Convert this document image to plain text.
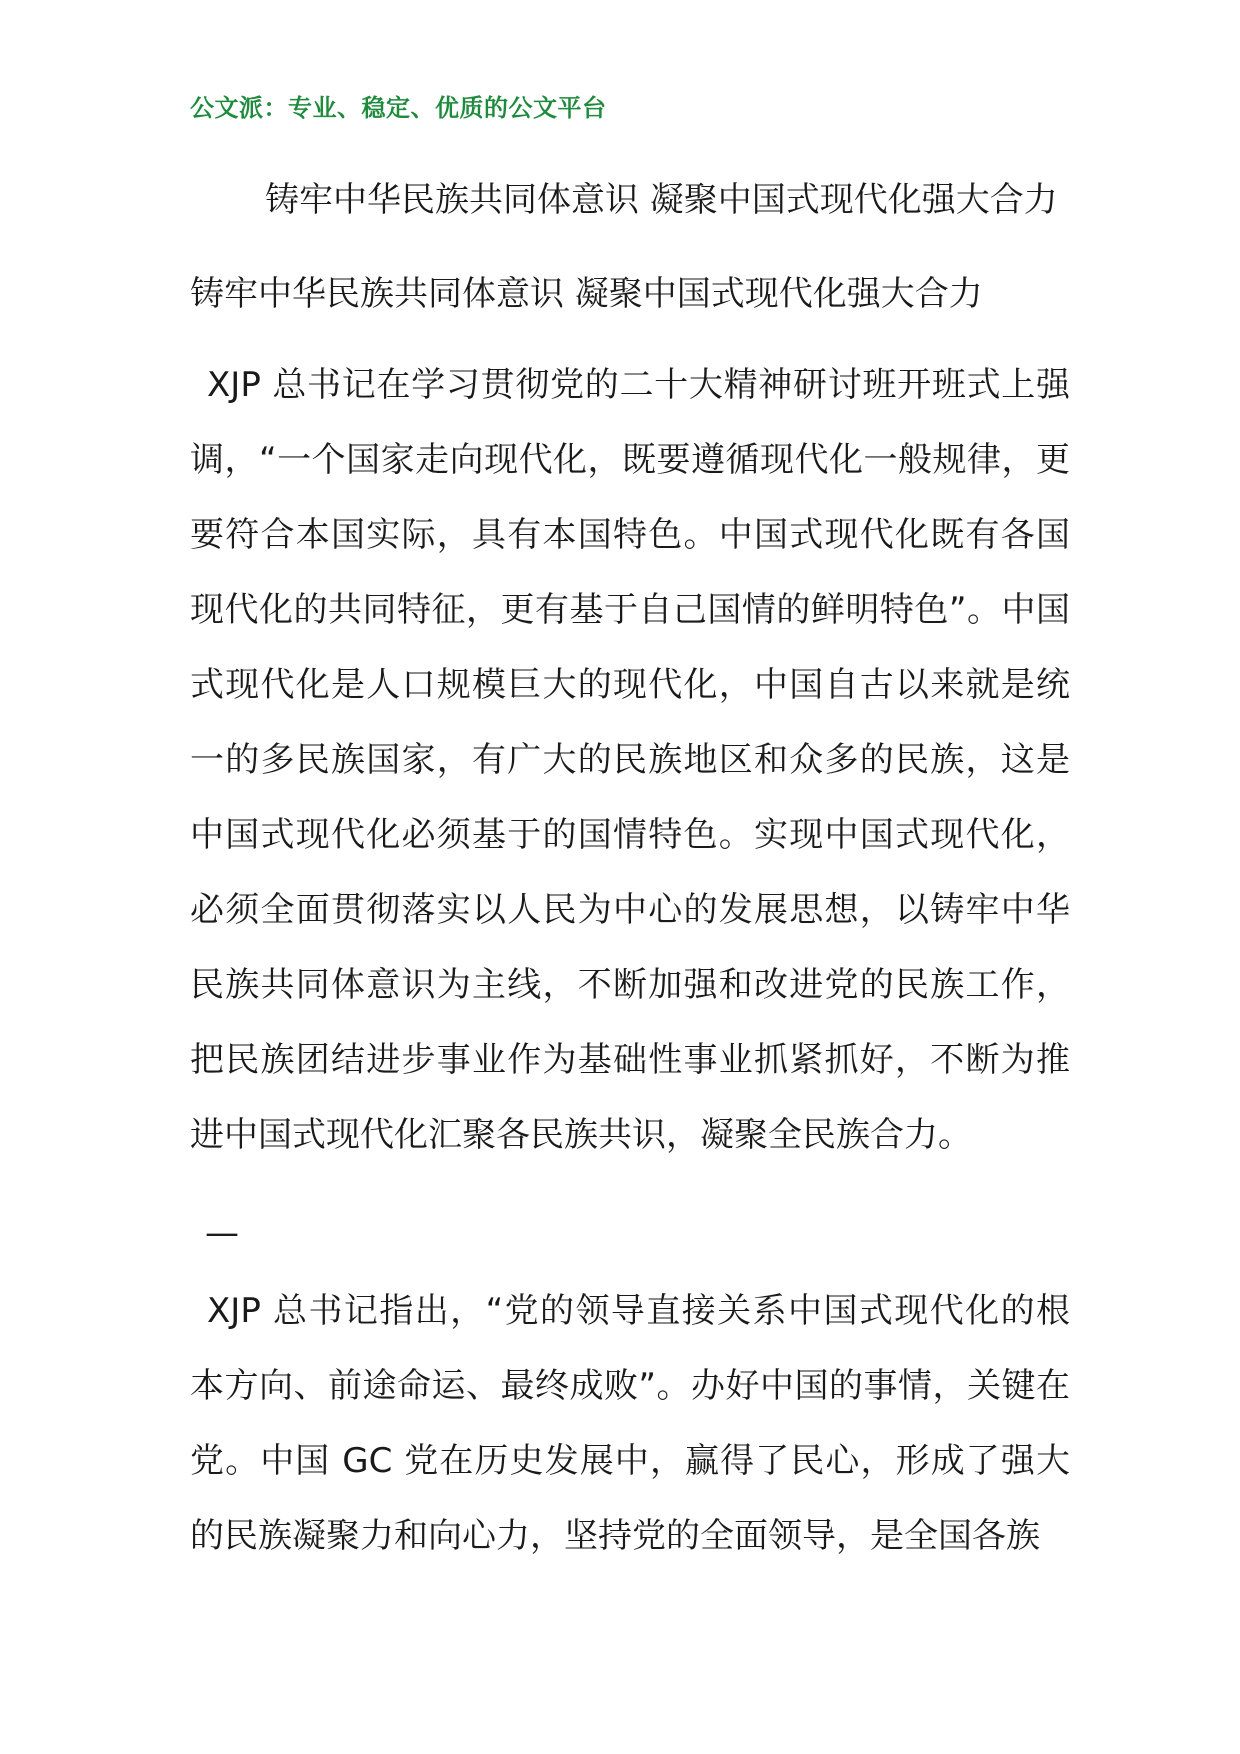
公文派：专业、稳定、优质的公文平台
铸牢中华民族共同体意识 凝聚中国式现代化强大合力
铸牢中华民族共同体意识 凝聚中国式现代化强大合力

XJP 总书记在学习贯彻党的二十大精神研讨班开班式上强调，“一个国家走向现代化，既要遵循现代化一般规律，更要符合本国实际，具有本国特色。中国式现代化既有各国现代化的共同特征，更有基于自己国情的鲜明特色”。中国式现代化是人口规模巨大的现代化，中国自古以来就是统一的多民族国家，有广大的民族地区和众多的民族，这是中国式现代化必须基于的国情特色。实现中国式现代化，必须全面贯彻落实以人民为中心的发展思想，以铸牢中华民族共同体意识为主线，不断加强和改进党的民族工作，把民族团结进步事业作为基础性事业抓紧抓好，不断为推进中国式现代化汇聚各民族共识，凝聚全民族合力。

—

XJP 总书记指出，“党的领导直接关系中国式现代化的根本方向、前途命运、最终成败”。办好中国的事情，关键在党。中国 GC 党在历史发展中，赢得了民心，形成了强大的民族凝聚力和向心力，坚持党的全面领导，是全国各族
